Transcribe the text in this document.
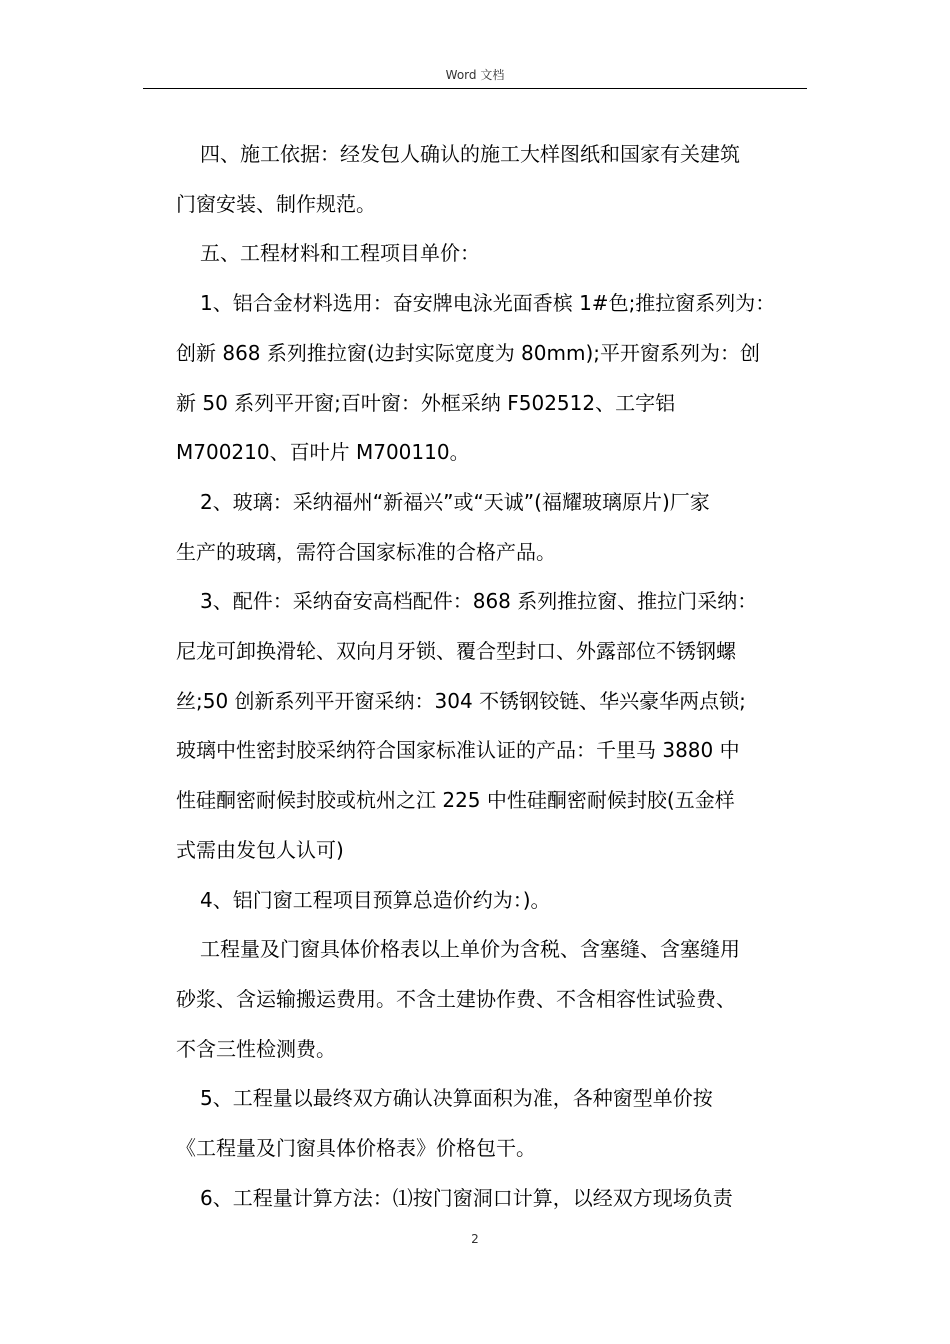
Word 文档
四、施工依据：经发包人确认的施工大样图纸和国家有关建筑
门窗安装、制作规范。
五、工程材料和工程项目单价：
1、铝合金材料选用：奋安牌电泳光面香槟 1#色;推拉窗系列为：
创新 868 系列推拉窗(边封实际宽度为 80mm);平开窗系列为：创
新 50 系列平开窗;百叶窗：外框采纳 F502512、工字铝
M700210、百叶片 M700110。
2、玻璃：采纳福州“新福兴”或“天诚”(福耀玻璃原片)厂家
生产的玻璃，需符合国家标准的合格产品。
3、配件：采纳奋安高档配件：868 系列推拉窗、推拉门采纳：
尼龙可卸换滑轮、双向月牙锁、覆合型封口、外露部位不锈钢螺
丝;50 创新系列平开窗采纳：304 不锈钢铰链、华兴豪华两点锁;
玻璃中性密封胶采纳符合国家标准认证的产品：千里马 3880 中
性硅酮密耐候封胶或杭州之江 225 中性硅酮密耐候封胶(五金样
式需由发包人认可)
4、铝门窗工程项目预算总造价约为：)。
工程量及门窗具体价格表以上单价为含税、含塞缝、含塞缝用
砂浆、含运输搬运费用。不含土建协作费、不含相容性试验费、
不含三性检测费。
5、工程量以最终双方确认决算面积为准，各种窗型单价按
《工程量及门窗具体价格表》价格包干。
6、工程量计算方法：⑴按门窗洞口计算，以经双方现场负责
2
